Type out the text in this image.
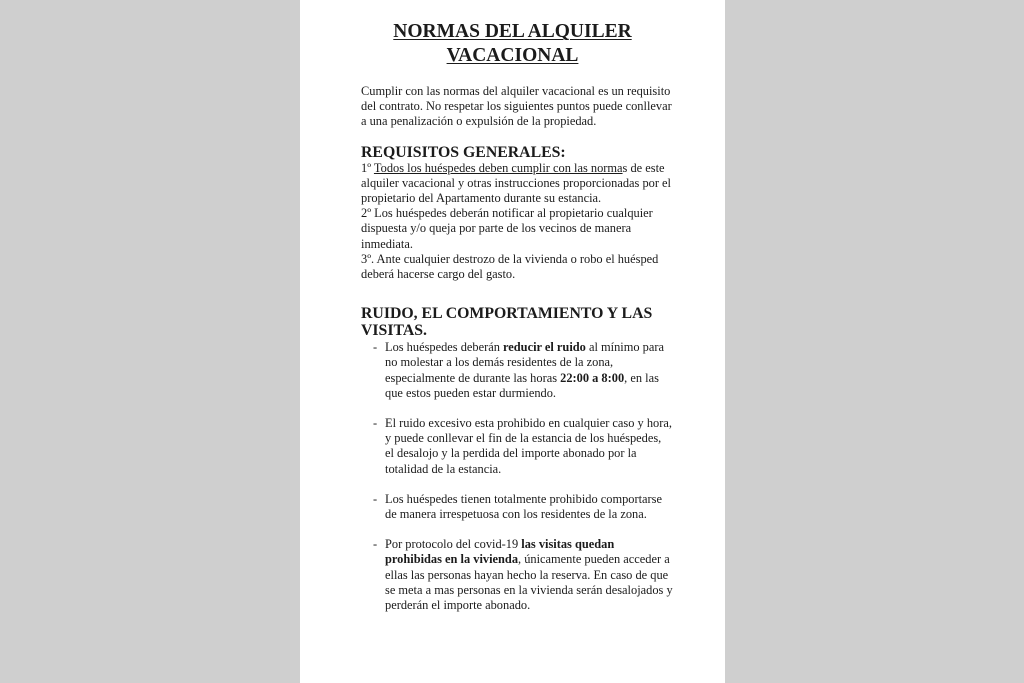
NORMAS DEL ALQUILER
VACACIONAL

Cumplir con las normas del alquiler vacacional es un requisito del contrato. No respetar los siguientes puntos puede conllevar a una penalización o expulsión de la propiedad.

REQUISITOS GENERALES:

1º Todos los huéspedes deben cumplir con las normas de este alquiler vacacional y otras instrucciones proporcionadas por el propietario del Apartamento durante su estancia.

2º Los huéspedes deberán notificar al propietario cualquier dispuesta y/o queja por parte de los vecinos de manera inmediata.

3º. Ante cualquier destrozo de la vivienda o robo el huésped deberá hacerse cargo del gasto.

RUIDO, EL COMPORTAMIENTO Y LAS VISITAS.
- Los huéspedes deberán reducir el ruido al mínimo para no molestar a los demás residentes de la zona, especialmente de durante las horas 22:00 a 8:00, en las que estos pueden estar durmiendo.
- El ruido excesivo esta prohibido en cualquier caso y hora, y puede conllevar el fin de la estancia de los huéspedes, el desalojo y la perdida del importe abonado por la totalidad de la estancia.
- Los huéspedes tienen totalmente prohibido comportarse de manera irrespetuosa con los residentes de la zona.
- Por protocolo del covid-19 las visitas quedan prohibidas en la vivienda, únicamente pueden acceder a ellas las personas hayan hecho la reserva. En caso de que se meta a mas personas en la vivienda serán desalojados y perderán el importe abonado.
